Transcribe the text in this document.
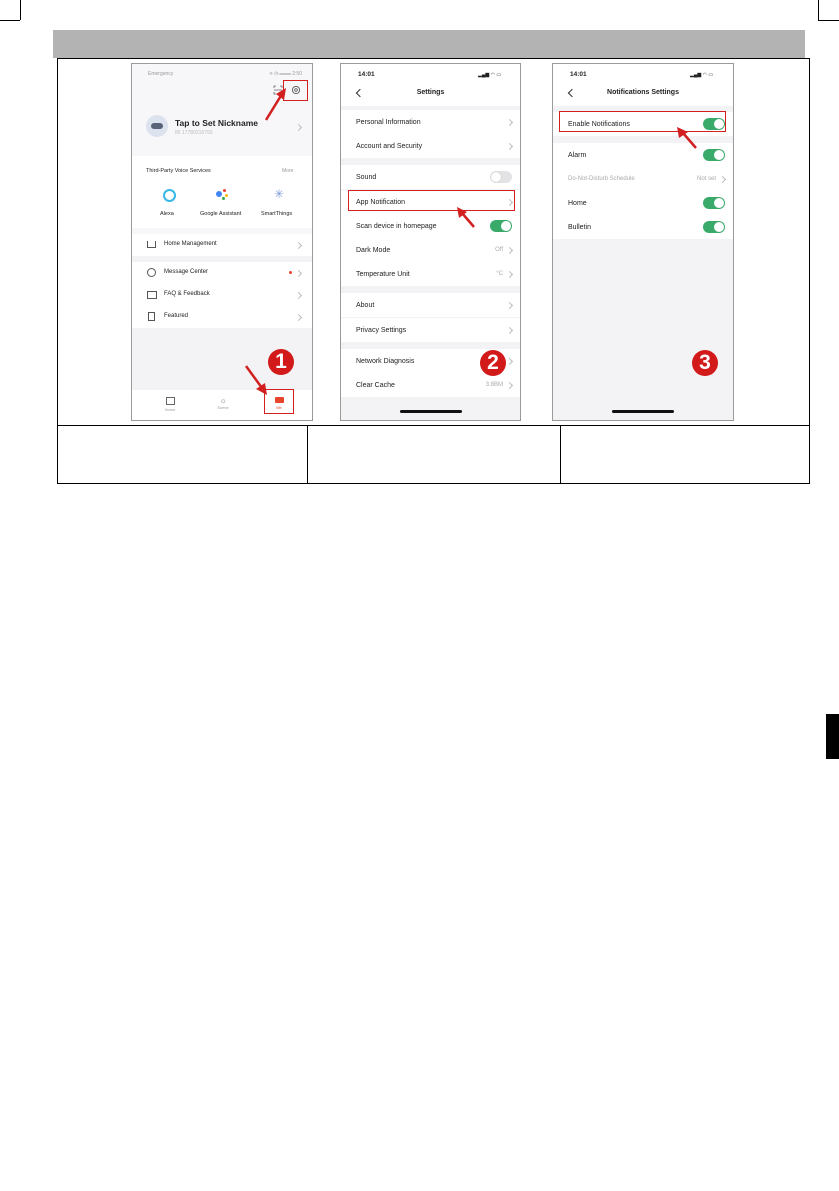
Emergency	⟡ ◷ ▭▭▭ 2:50
Tap to Set Nickname
86 17780216793
Third-Party Voice Services	More
✳
Alexa	Google Assistant	SmartThings
Home Management
Message Center
FAQ & Feedback
Featured
Home
☼
Scene	Me
1
14:01	▂▄▆ ◠ ▭
Settings
Personal Information
Account and Security
Sound
App Notification
Scan device in homepage
Dark Mode	Off
Temperature Unit	°C
About
Privacy Settings
Network Diagnosis
Clear Cache	3.8BM
2
14:01	▂▄▆ ◠ ▭
Notifications Settings
Enable Notifications
Alarm
Do-Not-Disturb Schedule	Not set
Home
Bulletin
3
